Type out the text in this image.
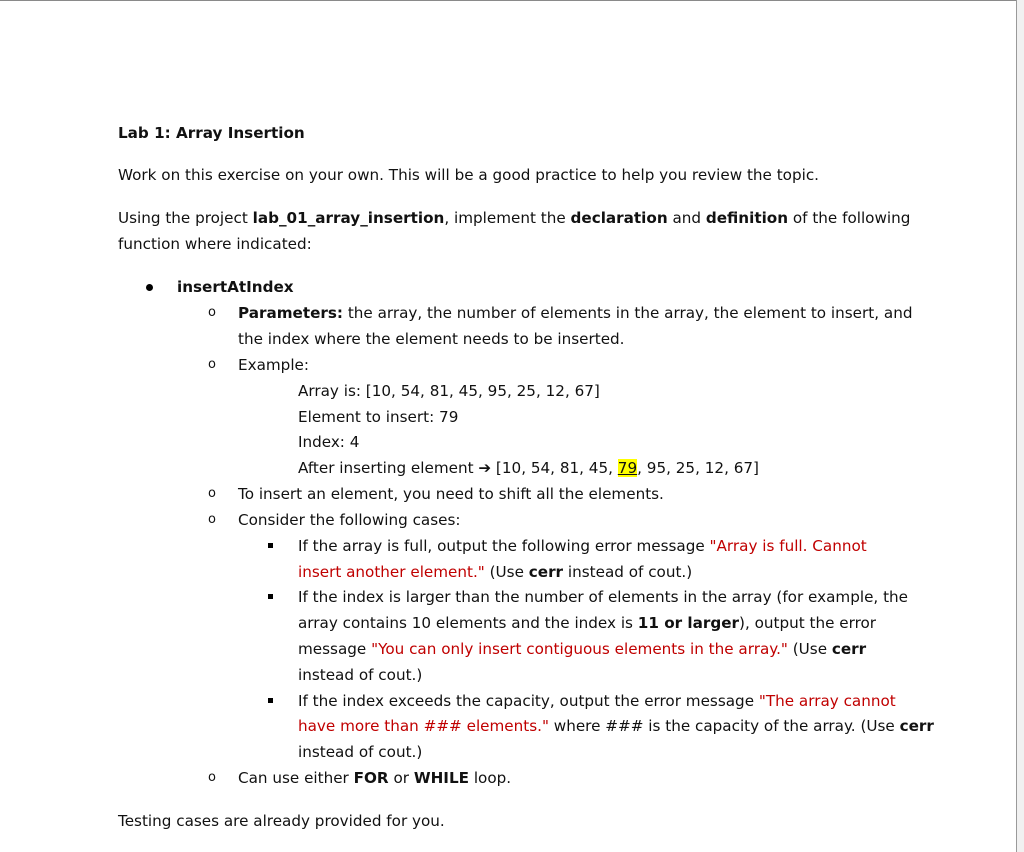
Lab 1: Array Insertion
Work on this exercise on your own. This will be a good practice to help you review the topic.
Using the project lab_01_array_insertion, implement the declaration and definition of the following
function where indicated:
insertAtIndex
o Parameters: the array, the number of elements in the array, the element to insert, and
the index where the element needs to be inserted.
o Example:
Array is: [10, 54, 81, 45, 95, 25, 12, 67]
Element to insert: 79
Index: 4
After inserting element ➔ [10, 54, 81, 45, 79, 95, 25, 12, 67]
o To insert an element, you need to shift all the elements.
o Consider the following cases:
If the array is full, output the following error message "Array is full. Cannot
insert another element." (Use cerr instead of cout.)
If the index is larger than the number of elements in the array (for example, the
array contains 10 elements and the index is 11 or larger), output the error
message "You can only insert contiguous elements in the array." (Use cerr
instead of cout.)
If the index exceeds the capacity, output the error message "The array cannot
have more than ### elements." where ### is the capacity of the array. (Use cerr
instead of cout.)
o Can use either FOR or WHILE loop.
Testing cases are already provided for you.
